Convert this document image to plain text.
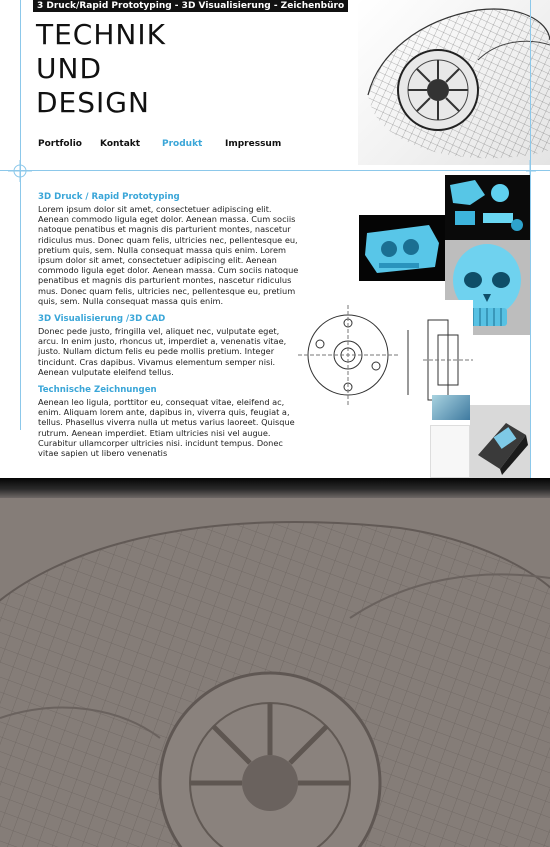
3 Druck/Rapid Prototyping - 3D Visualisierung - Zeichenbüro
TECHNIK
UND
DESIGN
Portfolio Kontakt Produkt	Impressum
3D Druck / Rapid Prototyping

Lorem ipsum dolor sit amet, consectetuer adipiscing elit. Aenean commodo ligula eget dolor. Aenean massa. Cum sociis natoque penatibus et magnis dis parturient montes, nascetur ridiculus mus. Donec quam felis, ultricies nec, pellentesque eu, pretium quis, sem. Nulla consequat massa quis enim. Lorem ipsum dolor sit amet, consectetuer adipiscing elit. Aenean commodo ligula eget dolor. Aenean massa. Cum sociis natoque penatibus et magnis dis parturient montes, nascetur ridiculus mus. Donec quam felis, ultricies nec, pellentesque eu, pretium quis, sem. Nulla consequat massa quis enim.

3D Visualisierung /3D CAD

Donec pede justo, fringilla vel, aliquet nec, vulputate eget, arcu. In enim justo, rhoncus ut, imperdiet a, venenatis vitae, justo. Nullam dictum felis eu pede mollis pretium. Integer tincidunt. Cras dapibus. Vivamus elementum semper nisi. Aenean vulputate eleifend tellus.

Technische Zeichnungen

Aenean leo ligula, porttitor eu, consequat vitae, eleifend ac, enim. Aliquam lorem ante, dapibus in, viverra quis, feugiat a, tellus. Phasellus viverra nulla ut metus varius laoreet. Quisque rutrum. Aenean imperdiet. Etiam ultricies nisi vel augue. Curabitur ullamcorper ultricies nisi. incidunt tempus. Donec vitae sapien ut libero venenatis
